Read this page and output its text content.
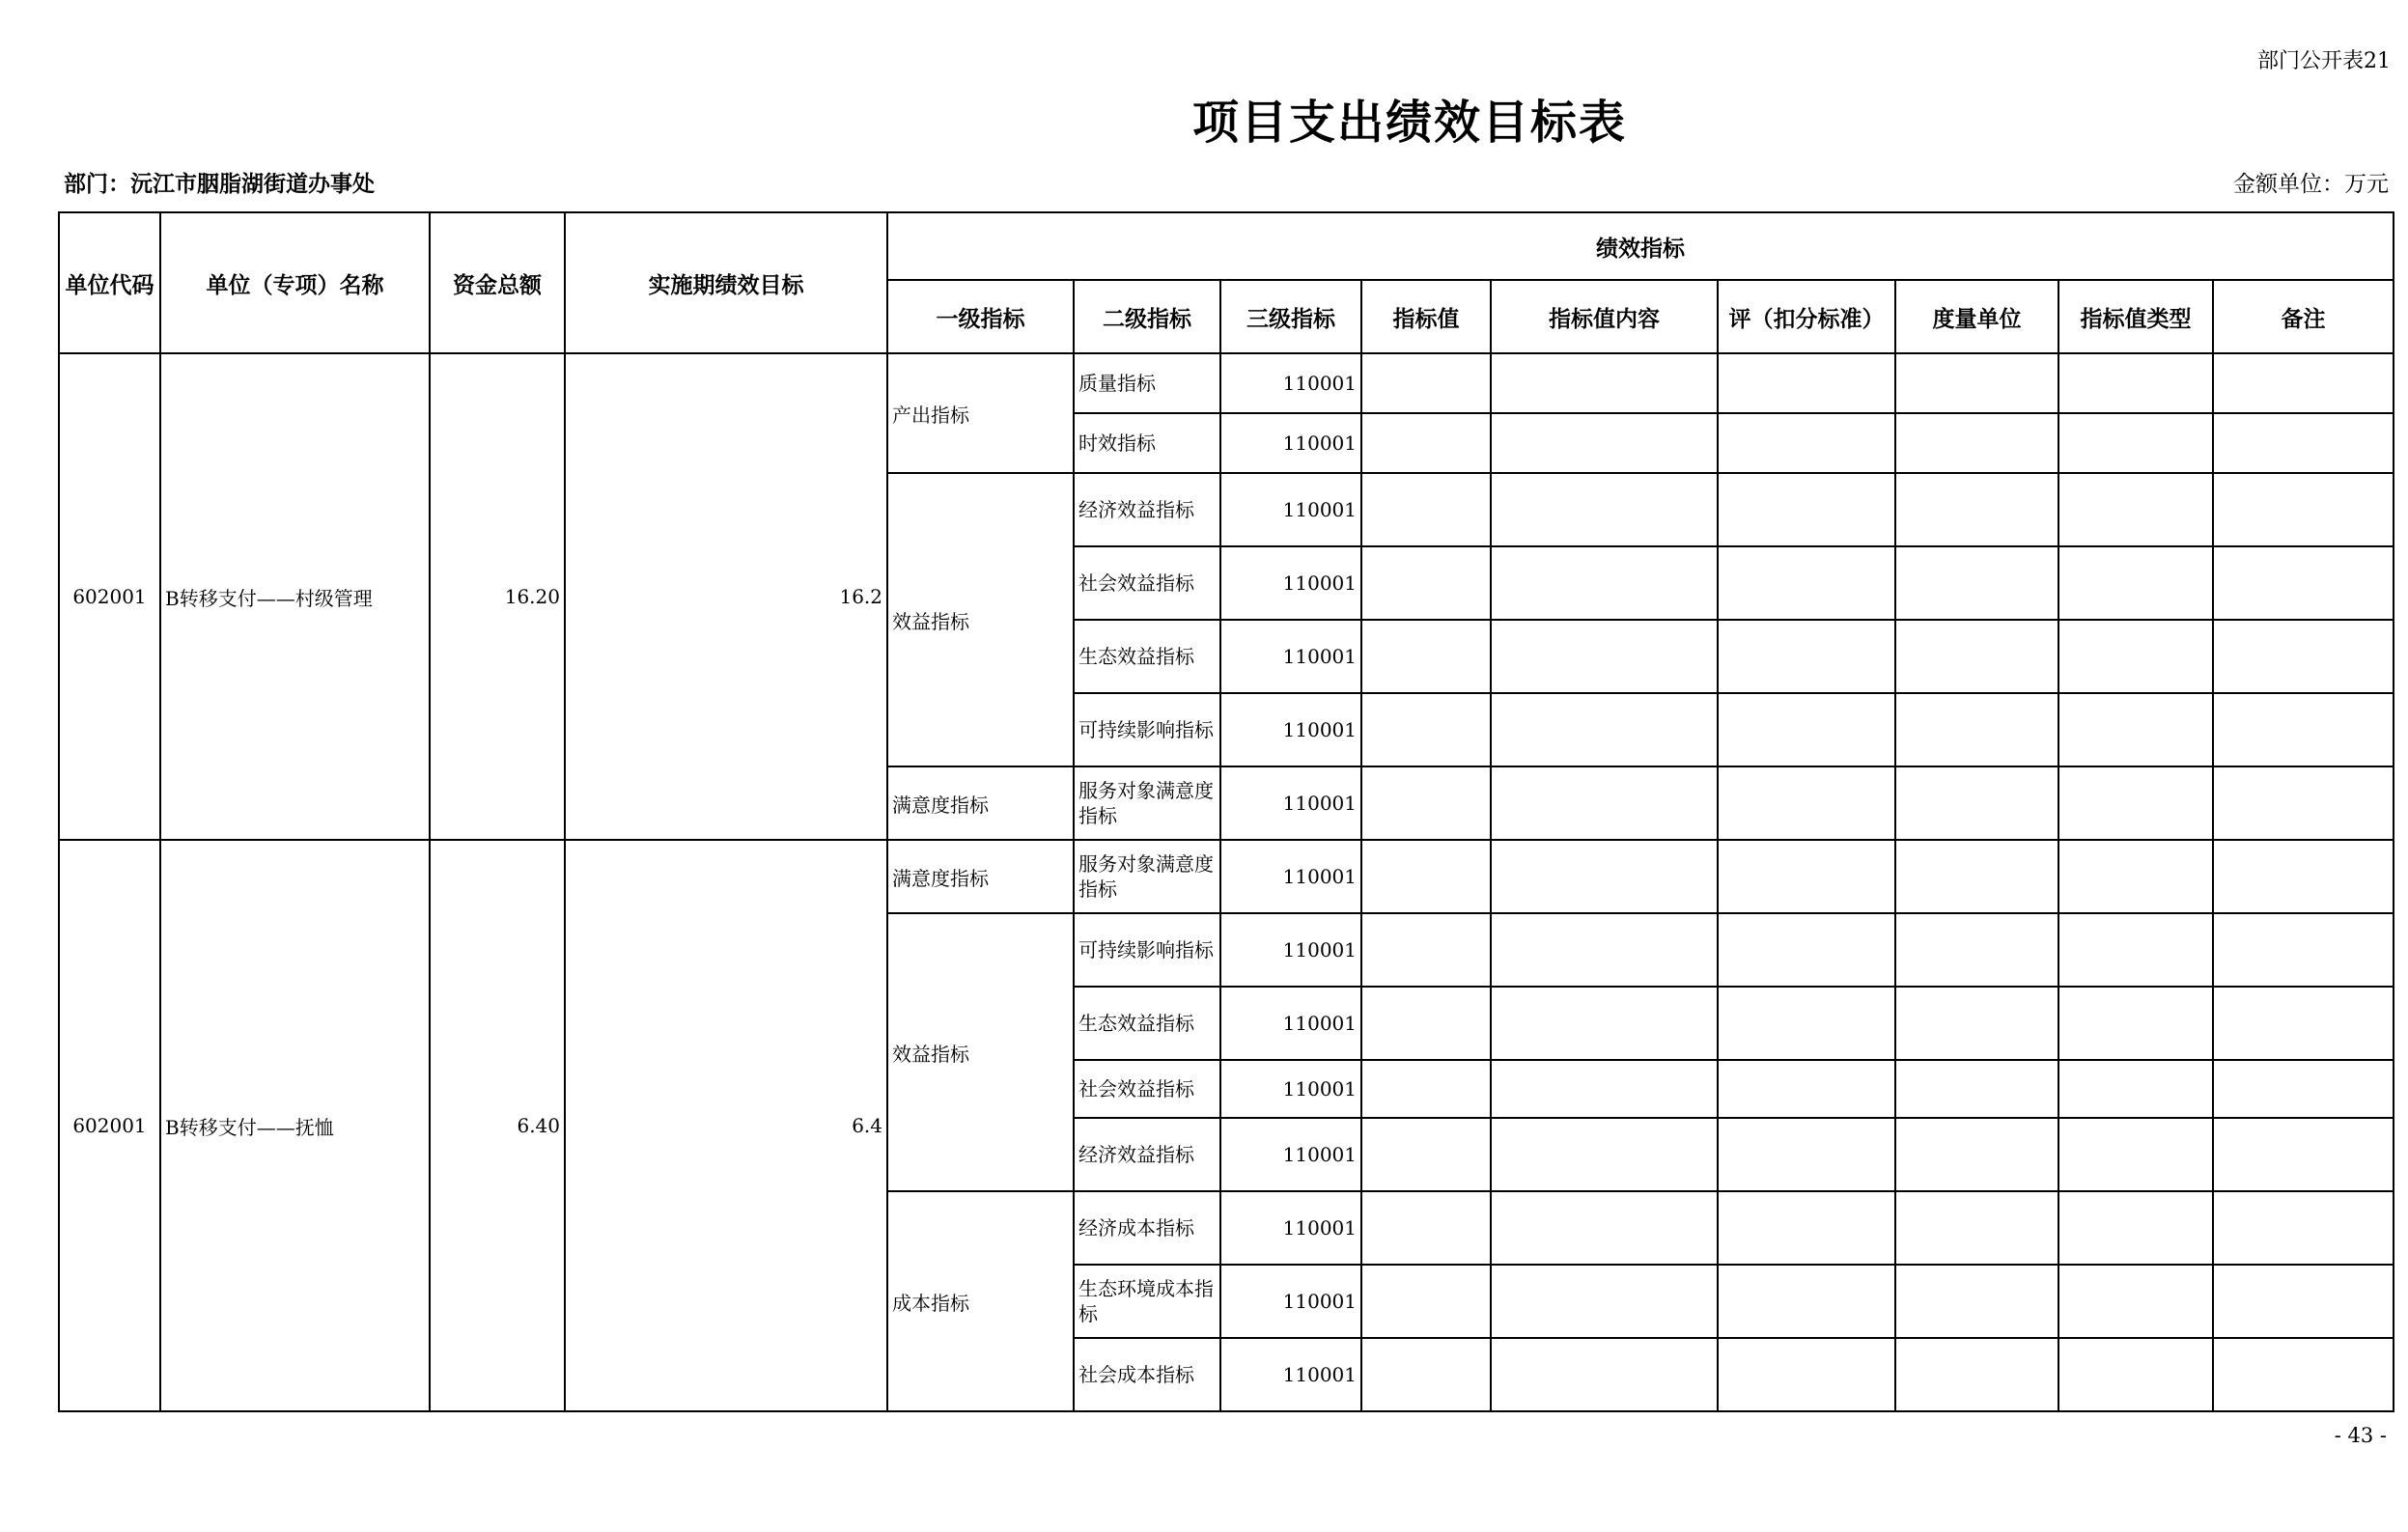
部门公开表21
项目支出绩效目标表
部门：沅江市胭脂湖街道办事处	金额单位：万元
单位代码	单位（专项）名称	资金总额	实施期绩效目标	绩效指标								
				一级指标	二级指标	三级指标	指标值	指标值内容	评（扣分标准）	度量单位	指标值类型	备注
602001	B转移支付——村级管理	16.20	16.2	产出指标	质量指标	110001						
					时效指标	110001						
				效益指标	经济效益指标	110001						
					社会效益指标	110001						
					生态效益指标	110001						
					可持续影响指标	110001						
				满意度指标	服务对象满意度指标	110001						
602001	B转移支付——抚恤	6.40	6.4	满意度指标	服务对象满意度指标	110001						
				效益指标	可持续影响指标	110001						
					生态效益指标	110001						
					社会效益指标	110001						
					经济效益指标	110001						
				成本指标	经济成本指标	110001						
					生态环境成本指标	110001						
					社会成本指标	110001						
- 43 -
